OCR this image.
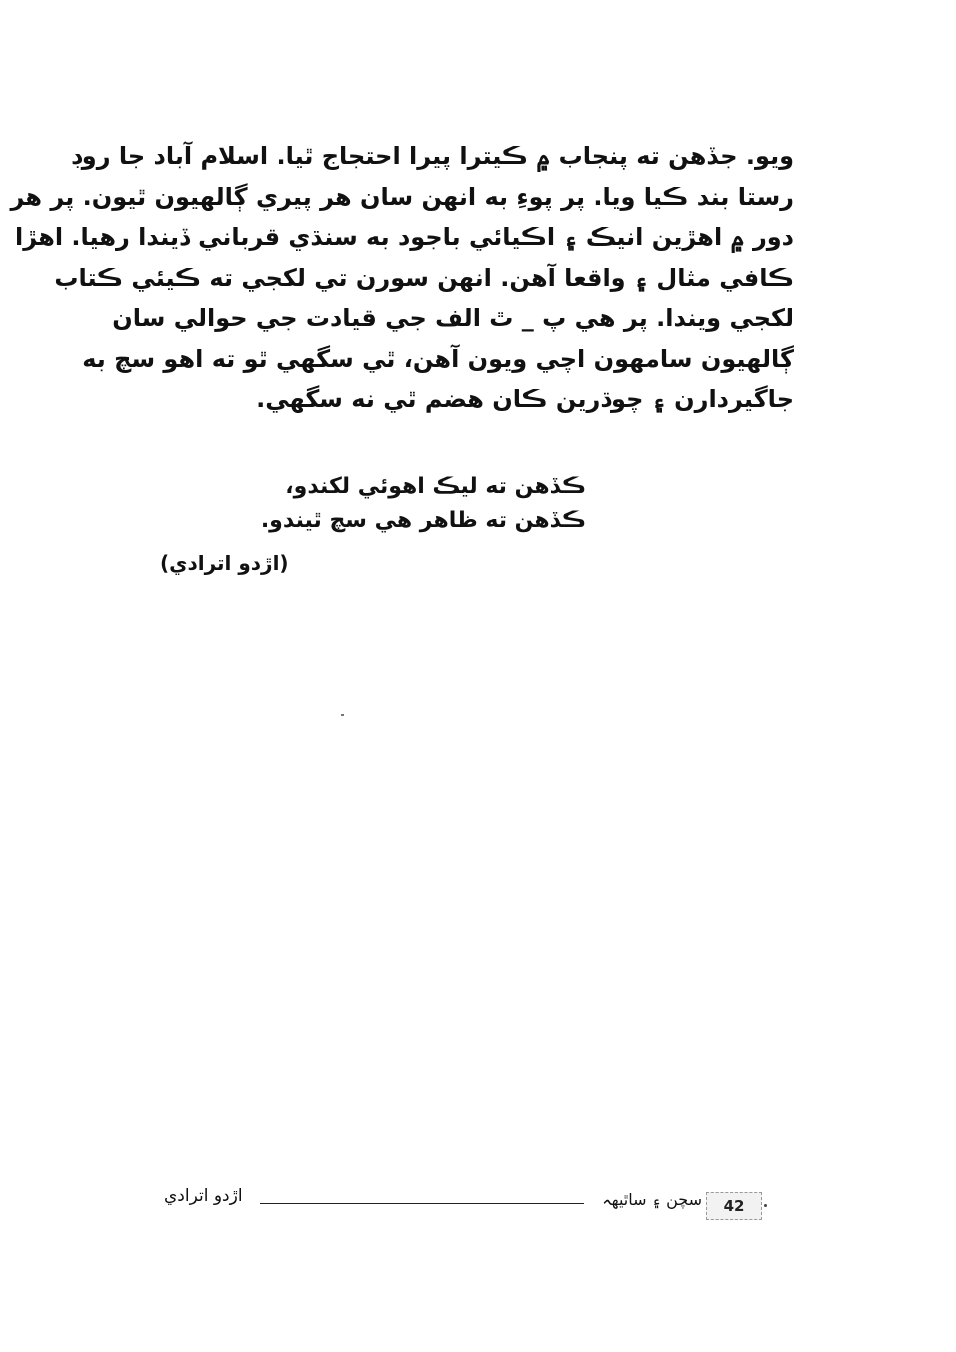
ويو. جڏهن ته پنجاب ۾ ڪيترا پيرا احتجاج ٿيا. اسلام آباد جا روڊ
رستا بند ڪيا ويا. پر پوءِ به انهن سان هر پيري ڳالهيون ٿيون. پر هر
دور ۾ اهڙين انيڪ ۽ اڪيائي باجود به سنڌي قرباني ڏيندا رهيا. اهڙا
ڪافي مثال ۽ واقعا آهن. انهن سورن تي لکجي ته ڪيئي ڪتاب
لکجي ويندا. پر هي پ _ ٿ الف جي قيادت جي حوالي سان
ڳالهيون سامهون اچي ويون آهن، ٿي سگهي ٿو ته اهو سچ به
جاگيردارن ۽ چوڌرين ڪان هضم ٿي نه سگهي.
ڪڏهن ته ليڪ اهوئي لکندو،
ڪڏهن ته ظاهر هي سچ ٿيندو.
(اڙدو اترادي)
اڙدو اترادي	سچن ۽ ساٿيهہ 42
